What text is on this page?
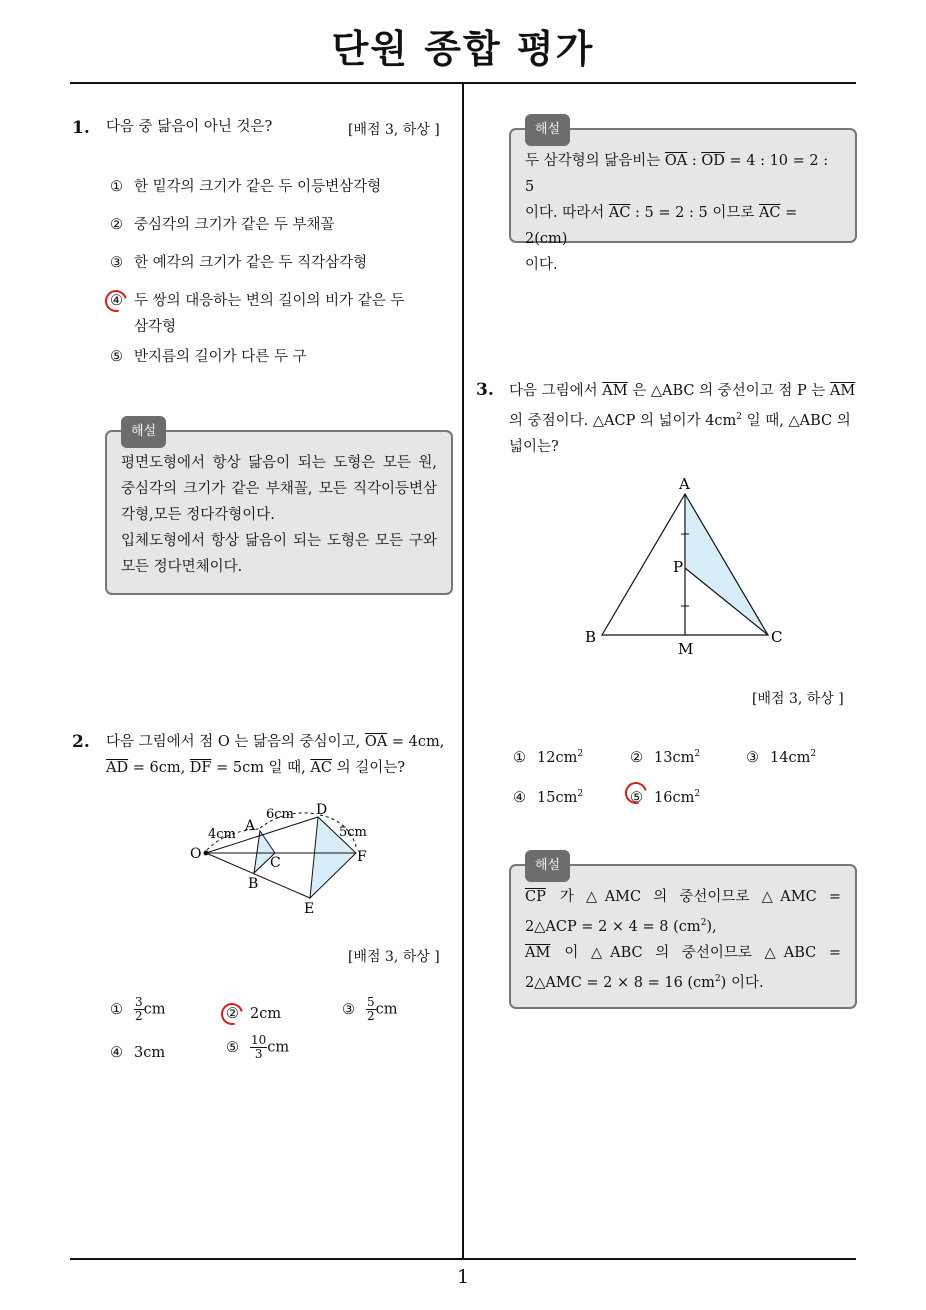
단원 종합 평가
1
1. 다음 중 닮음이 아닌 것은?	[배점 3, 하상 ]
① 한 밑각의 크기가 같은 두 이등변삼각형
② 중심각의 크기가 같은 두 부채꼴
③ 한 예각의 크기가 같은 두 직각삼각형
④ 두 쌍의 대응하는 변의 길이의 비가 같은 두
삼각형
⑤ 반지름의 길이가 다른 두 구
해설
평면도형에서 항상 닮음이 되는 도형은 모든 원,
중심각의 크기가 같은 부채꼴, 모든 직각이등변삼
각형,모든 정다각형이다.
입체도형에서 항상 닮음이 되는 도형은 모든 구와
모든 정다면체이다.
2. 다음 그림에서 점 O 는 닮음의 중심이고, $\overline{OA} = 4cm$,
$\overline{AD} = 6cm$, $\overline{DF} = 5cm$ 일 때, $\overline{AC}$ 의 길이는?
O
A
B
C
D
E
F
4cm
6cm
5cm
[배점 3, 하상 ]
① $\frac{3}{2}$ cm	② 2cm	③ $\frac{5}{2}$ cm
④ 3cm	⑤ $\frac{10}{3}$ cm
해설
두 삼각형의 닮음비는 $\overline{OA}$ : $\overline{OD} = 4$ : 10 = 2 : 5
이다. 따라서 $\overline{AC}$ : 5 = 2 : 5 이므로 $\overline{AC} = 2(cm)$
이다.
3. 다음 그림에서 $\overline{AM}$ 은 △ABC 의 중선이고 점 P 는 $\overline{AM}$
의 중점이다. △ACP 의 넓이가 $4cm^2$ 일 때, △ABC 의
넓이는?
A
P
B	C
M
[배점 3, 하상 ]
① $12cm^2$	② $13cm^2$	③ $14cm^2$
④ $15cm^2$	⑤ $16cm^2$
해설
$\overline{CP}$ 가 △AMC 의 중선이므로 △AMC =
2△ACP = 2 × 4 = 8 $(cm^2)$,
$\overline{AM}$ 이 △ABC 의 중선이므로 △ABC =
2△AMC = 2 × 8 = 16 $(cm^2)$ 이다.
